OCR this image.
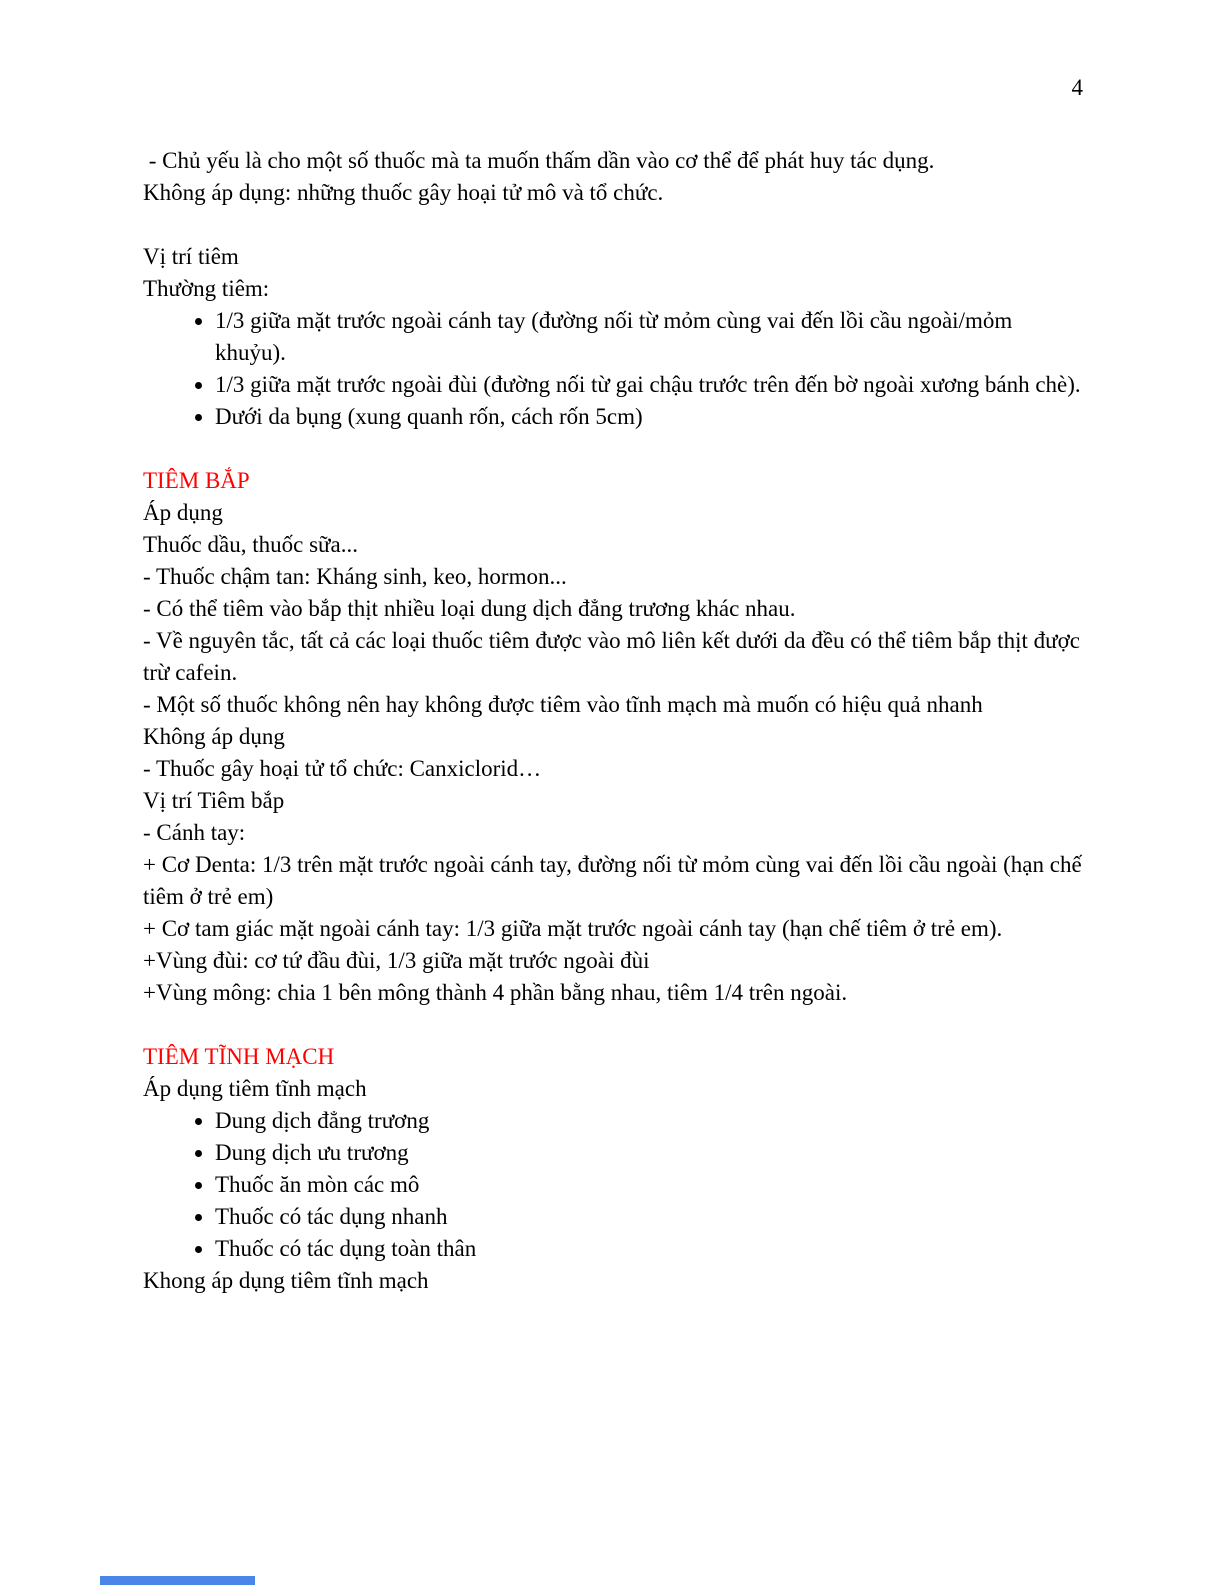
4

- Chủ yếu là cho một số thuốc mà ta muốn thấm dần vào cơ thể để phát huy tác dụng.

Không áp dụng: những thuốc gây hoại tử mô và tổ chức.

Vị trí tiêm

Thường tiêm:

• 1/3 giữa mặt trước ngoài cánh tay (đường nối từ mỏm cùng vai đến lồi cầu ngoài/mỏm khuỷu).
• 1/3 giữa mặt trước ngoài đùi (đường nối từ gai chậu trước trên đến bờ ngoài xương bánh chè).
• Dưới da bụng (xung quanh rốn, cách rốn 5cm)
TIÊM BẮP

Áp dụng

Thuốc dầu, thuốc sữa...

- Thuốc chậm tan: Kháng sinh, keo, hormon...

- Có thể tiêm vào bắp thịt nhiều loại dung dịch đẳng trương khác nhau.

- Về nguyên tắc, tất cả các loại thuốc tiêm được vào mô liên kết dưới da đều có thể tiêm bắp thịt được trừ cafein.

- Một số thuốc không nên hay không được tiêm vào tĩnh mạch mà muốn có hiệu quả nhanh

Không áp dụng

- Thuốc gây hoại tử tổ chức: Canxiclorid…

Vị trí Tiêm bắp

- Cánh tay:

+ Cơ Denta: 1/3 trên mặt trước ngoài cánh tay, đường nối từ mỏm cùng vai đến lồi cầu ngoài (hạn chế tiêm ở trẻ em)

+ Cơ tam giác mặt ngoài cánh tay: 1/3 giữa mặt trước ngoài cánh tay (hạn chế tiêm ở trẻ em).

+Vùng đùi: cơ tứ đầu đùi, 1/3 giữa mặt trước ngoài đùi

+Vùng mông: chia 1 bên mông thành 4 phần bằng nhau, tiêm 1/4 trên ngoài.

TIÊM TĨNH MẠCH

Áp dụng tiêm tĩnh mạch

• Dung dịch đẳng trương
• Dung dịch ưu trương
• Thuốc ăn mòn các mô
• Thuốc có tác dụng nhanh
• Thuốc có tác dụng toàn thân

Khong áp dụng tiêm tĩnh mạch
